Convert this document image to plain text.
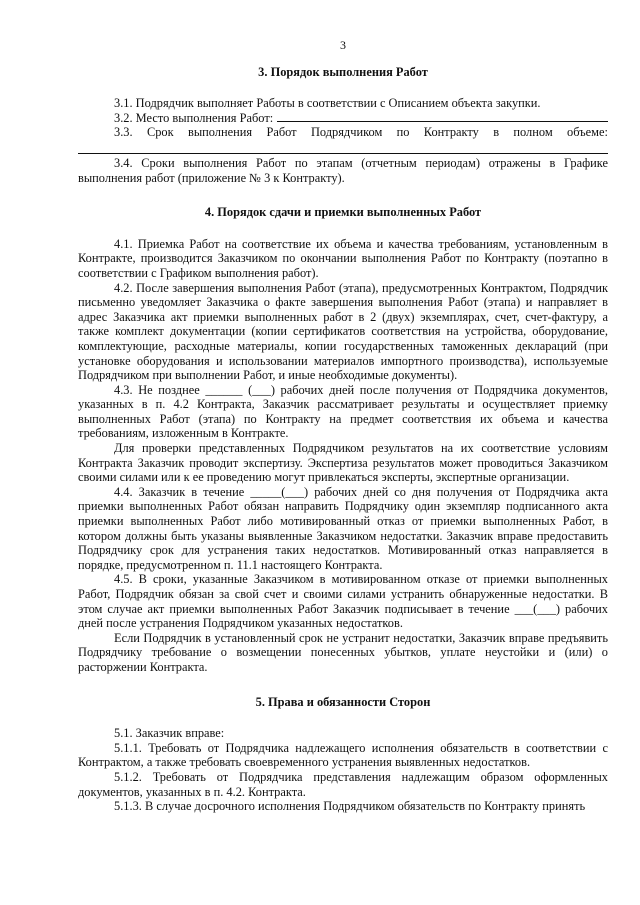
3
3. Порядок выполнения Работ

3.1. Подрядчик выполняет Работы в соответствии с Описанием объекта закупки.

3.2. Место выполнения Работ:
3.3. Срок выполнения Работ Подрядчиком по Контракту в полном объеме:

3.4. Сроки выполнения Работ по этапам (отчетным периодам) отражены в Графике выполнения работ (приложение № 3 к Контракту).

4. Порядок сдачи и приемки выполненных Работ

4.1. Приемка Работ на соответствие их объема и качества требованиям, установленным в Контракте, производится Заказчиком по окончании выполнения Работ по Контракту (поэтапно в соответствии с Графиком выполнения работ).

4.2. После завершения выполнения Работ (этапа), предусмотренных Контрактом, Подрядчик письменно уведомляет Заказчика о факте завершения выполнения Работ (этапа) и направляет в адрес Заказчика акт приемки выполненных работ в 2 (двух) экземплярах, счет, счет-фактуру, а также комплект документации (копии сертификатов соответствия на устройства, оборудование, комплектующие, расходные материалы, копии государственных таможенных деклараций (при установке оборудования и использовании материалов импортного производства), используемые Подрядчиком при выполнении Работ, и иные необходимые документы).

4.3. Не позднее ______ (___) рабочих дней после получения от Подрядчика документов, указанных в п. 4.2 Контракта, Заказчик рассматривает результаты и осуществляет приемку выполненных Работ (этапа) по Контракту на предмет соответствия их объема и качества требованиям, изложенным в Контракте.

Для проверки представленных Подрядчиком результатов на их соответствие условиям Контракта Заказчик проводит экспертизу. Экспертиза результатов может проводиться Заказчиком своими силами или к ее проведению могут привлекаться эксперты, экспертные организации.

4.4. Заказчик в течение _____(___) рабочих дней со дня получения от Подрядчика акта приемки выполненных Работ обязан направить Подрядчику один экземпляр подписанного акта приемки выполненных Работ либо мотивированный отказ от приемки выполненных Работ, в котором должны быть указаны выявленные Заказчиком недостатки. Заказчик вправе предоставить Подрядчику срок для устранения таких недостатков. Мотивированный отказ направляется в порядке, предусмотренном п. 11.1 настоящего Контракта.

4.5. В сроки, указанные Заказчиком в мотивированном отказе от приемки выполненных Работ, Подрядчик обязан за свой счет и своими силами устранить обнаруженные недостатки. В этом случае акт приемки выполненных Работ Заказчик подписывает в течение ___(___) рабочих дней после устранения Подрядчиком указанных недостатков.

Если Подрядчик в установленный срок не устранит недостатки, Заказчик вправе предъявить Подрядчику требование о возмещении понесенных убытков, уплате неустойки и (или) о расторжении Контракта.

5. Права и обязанности Сторон

5.1. Заказчик вправе:

5.1.1. Требовать от Подрядчика надлежащего исполнения обязательств в соответствии с Контрактом, а также требовать своевременного устранения выявленных недостатков.

5.1.2. Требовать от Подрядчика представления надлежащим образом оформленных документов, указанных в п. 4.2. Контракта.

5.1.3. В случае досрочного исполнения Подрядчиком обязательств по Контракту принять
